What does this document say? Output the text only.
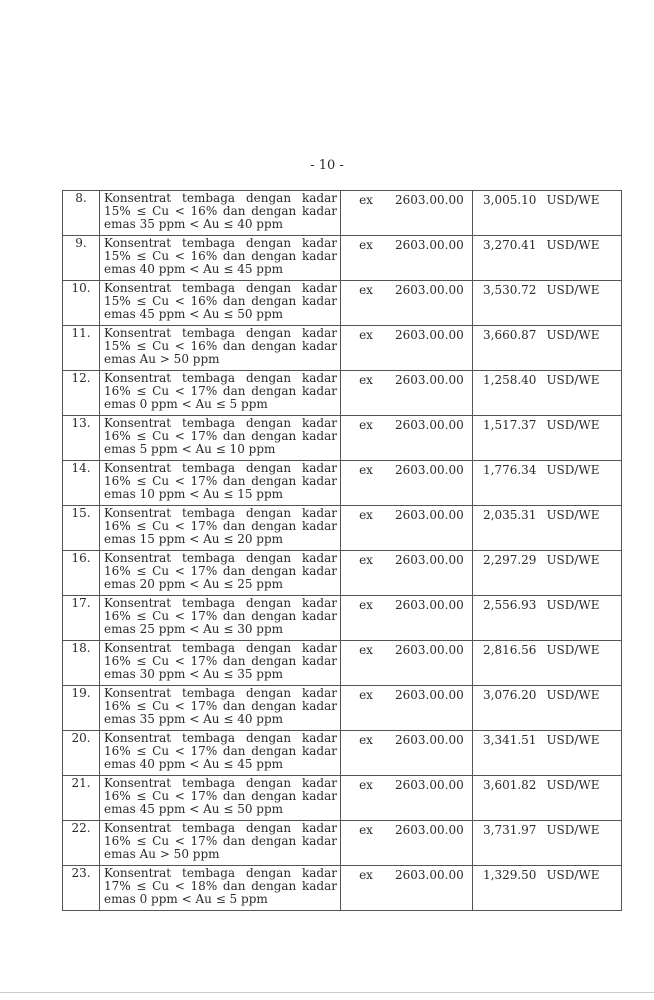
- 10 -
8.	Konsentrat tembaga dengan kadar
15% ≤ Cu < 16% dan dengan kadar
emas 35 ppm < Au ≤ 40 ppm	ex 2603.00.00	3,005.10 USD/WE
9.	Konsentrat tembaga dengan kadar
15% ≤ Cu < 16% dan dengan kadar
emas 40 ppm < Au ≤ 45 ppm	ex 2603.00.00	3,270.41 USD/WE
10.	Konsentrat tembaga dengan kadar
15% ≤ Cu < 16% dan dengan kadar
emas 45 ppm < Au ≤ 50 ppm	ex 2603.00.00	3,530.72 USD/WE
11.	Konsentrat tembaga dengan kadar
15% ≤ Cu < 16% dan dengan kadar
emas Au > 50 ppm	ex 2603.00.00	3,660.87 USD/WE
12.	Konsentrat tembaga dengan kadar
16% ≤ Cu < 17% dan dengan kadar
emas 0 ppm < Au ≤ 5 ppm	ex 2603.00.00	1,258.40 USD/WE
13.	Konsentrat tembaga dengan kadar
16% ≤ Cu < 17% dan dengan kadar
emas 5 ppm < Au ≤ 10 ppm	ex 2603.00.00	1,517.37 USD/WE
14.	Konsentrat tembaga dengan kadar
16% ≤ Cu < 17% dan dengan kadar
emas 10 ppm < Au ≤ 15 ppm	ex 2603.00.00	1,776.34 USD/WE
15.	Konsentrat tembaga dengan kadar
16% ≤ Cu < 17% dan dengan kadar
emas 15 ppm < Au ≤ 20 ppm	ex 2603.00.00	2,035.31 USD/WE
16.	Konsentrat tembaga dengan kadar
16% ≤ Cu < 17% dan dengan kadar
emas 20 ppm < Au ≤ 25 ppm	ex 2603.00.00	2,297.29 USD/WE
17.	Konsentrat tembaga dengan kadar
16% ≤ Cu < 17% dan dengan kadar
emas 25 ppm < Au ≤ 30 ppm	ex 2603.00.00	2,556.93 USD/WE
18.	Konsentrat tembaga dengan kadar
16% ≤ Cu < 17% dan dengan kadar
emas 30 ppm < Au ≤ 35 ppm	ex 2603.00.00	2,816.56 USD/WE
19.	Konsentrat tembaga dengan kadar
16% ≤ Cu < 17% dan dengan kadar
emas 35 ppm < Au ≤ 40 ppm	ex 2603.00.00	3,076.20 USD/WE
20.	Konsentrat tembaga dengan kadar
16% ≤ Cu < 17% dan dengan kadar
emas 40 ppm < Au ≤ 45 ppm	ex 2603.00.00	3,341.51 USD/WE
21.	Konsentrat tembaga dengan kadar
16% ≤ Cu < 17% dan dengan kadar
emas 45 ppm < Au ≤ 50 ppm	ex 2603.00.00	3,601.82 USD/WE
22.	Konsentrat tembaga dengan kadar
16% ≤ Cu < 17% dan dengan kadar
emas Au > 50 ppm	ex 2603.00.00	3,731.97 USD/WE
23.	Konsentrat tembaga dengan kadar
17% ≤ Cu < 18% dan dengan kadar
emas 0 ppm < Au ≤ 5 ppm	ex 2603.00.00	1,329.50 USD/WE
